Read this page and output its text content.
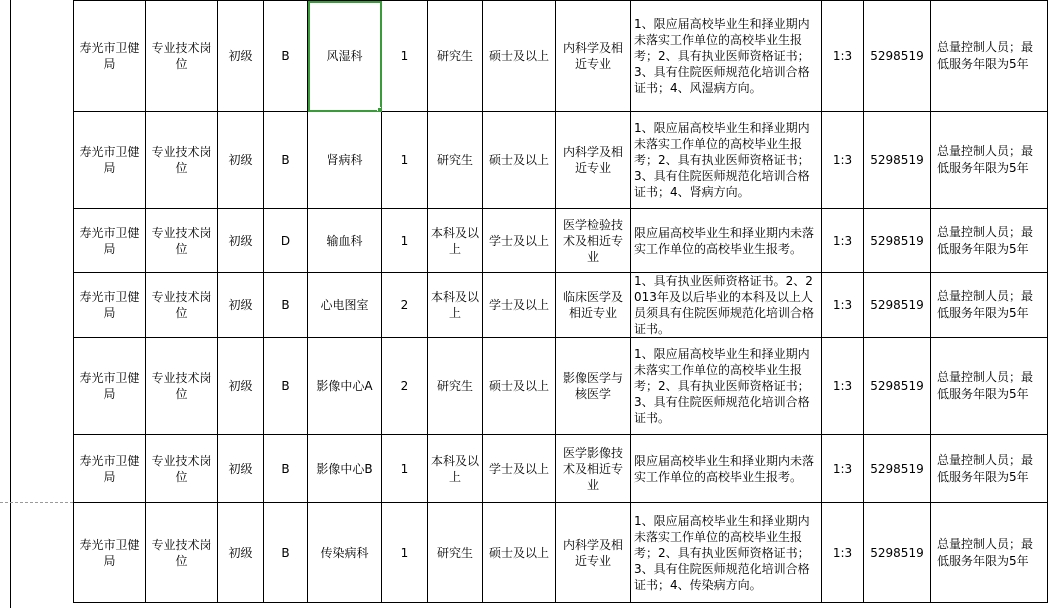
寿光市卫健局	专业技术岗位	初级	B	风湿科	1	研究生	硕士及以上	内科学及相近专业	1、限应届高校毕业生和择业期内未落实工作单位的高校毕业生报考；2、具有执业医师资格证书；3、具有住院医师规范化培训合格证书；4、风湿病方向。	1:3	5298519	总量控制人员；最低服务年限为5年
寿光市卫健局	专业技术岗位	初级	B	肾病科	1	研究生	硕士及以上	内科学及相近专业	1、限应届高校毕业生和择业期内未落实工作单位的高校毕业生报考；2、具有执业医师资格证书；3、具有住院医师规范化培训合格证书；4、肾病方向。	1:3	5298519	总量控制人员；最低服务年限为5年
寿光市卫健局	专业技术岗位	初级	D	输血科	1	本科及以上	学士及以上	医学检验技术及相近专业	限应届高校毕业生和择业期内未落实工作单位的高校毕业生报考。	1:3	5298519	总量控制人员；最低服务年限为5年
寿光市卫健局	专业技术岗位	初级	B	心电图室	2	本科及以上	学士及以上	临床医学及相近专业	1、具有执业医师资格证书。2、2013年及以后毕业的本科及以上人员须具有住院医师规范化培训合格证书。	1:3	5298519	总量控制人员；最低服务年限为5年
寿光市卫健局	专业技术岗位	初级	B	影像中心A	2	研究生	硕士及以上	影像医学与核医学	1、限应届高校毕业生和择业期内未落实工作单位的高校毕业生报考；2、具有执业医师资格证书；3、具有住院医师规范化培训合格证书。	1:3	5298519	总量控制人员；最低服务年限为5年
寿光市卫健局	专业技术岗位	初级	B	影像中心B	1	本科及以上	学士及以上	医学影像技术及相近专业	限应届高校毕业生和择业期内未落实工作单位的高校毕业生报考。	1:3	5298519	总量控制人员；最低服务年限为5年
寿光市卫健局	专业技术岗位	初级	B	传染病科	1	研究生	硕士及以上	内科学及相近专业	1、限应届高校毕业生和择业期内未落实工作单位的高校毕业生报考；2、具有执业医师资格证书；3、具有住院医师规范化培训合格证书；4、传染病方向。	1:3	5298519	总量控制人员；最低服务年限为5年
